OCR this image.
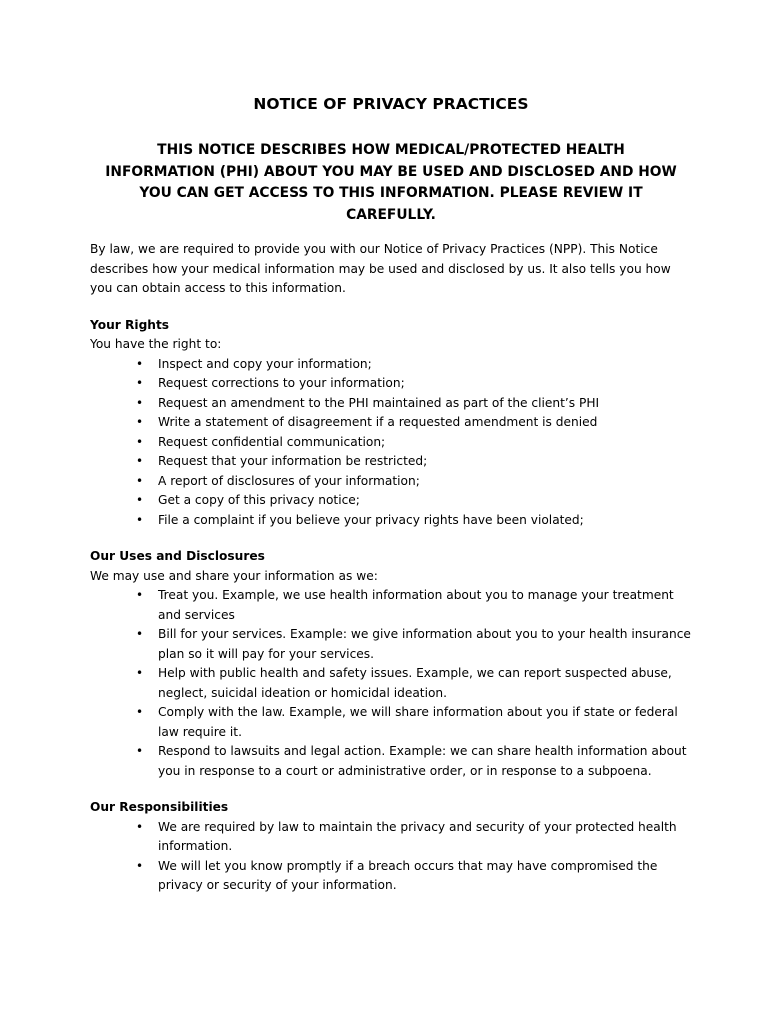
NOTICE OF PRIVACY PRACTICES
THIS NOTICE DESCRIBES HOW MEDICAL/PROTECTED HEALTH INFORMATION (PHI) ABOUT YOU MAY BE USED AND DISCLOSED AND HOW YOU CAN GET ACCESS TO THIS INFORMATION. PLEASE REVIEW IT CAREFULLY.

By law, we are required to provide you with our Notice of Privacy Practices (NPP). This Notice describes how your medical information may be used and disclosed by us. It also tells you how you can obtain access to this information.

Your Rights

You have the right to:

• Inspect and copy your information;
• Request corrections to your information;
• Request an amendment to the PHI maintained as part of the client’s PHI
• Write a statement of disagreement if a requested amendment is denied
• Request confidential communication;
• Request that your information be restricted;
• A report of disclosures of your information;
• Get a copy of this privacy notice;
• File a complaint if you believe your privacy rights have been violated;

Our Uses and Disclosures

We may use and share your information as we:

• Treat you. Example, we use health information about you to manage your treatment and services
• Bill for your services. Example: we give information about you to your health insurance plan so it will pay for your services.
• Help with public health and safety issues. Example, we can report suspected abuse, neglect, suicidal ideation or homicidal ideation.
• Comply with the law. Example, we will share information about you if state or federal law require it.
• Respond to lawsuits and legal action. Example: we can share health information about you in response to a court or administrative order, or in response to a subpoena.

Our Responsibilities

• We are required by law to maintain the privacy and security of your protected health information.
• We will let you know promptly if a breach occurs that may have compromised the privacy or security of your information.
